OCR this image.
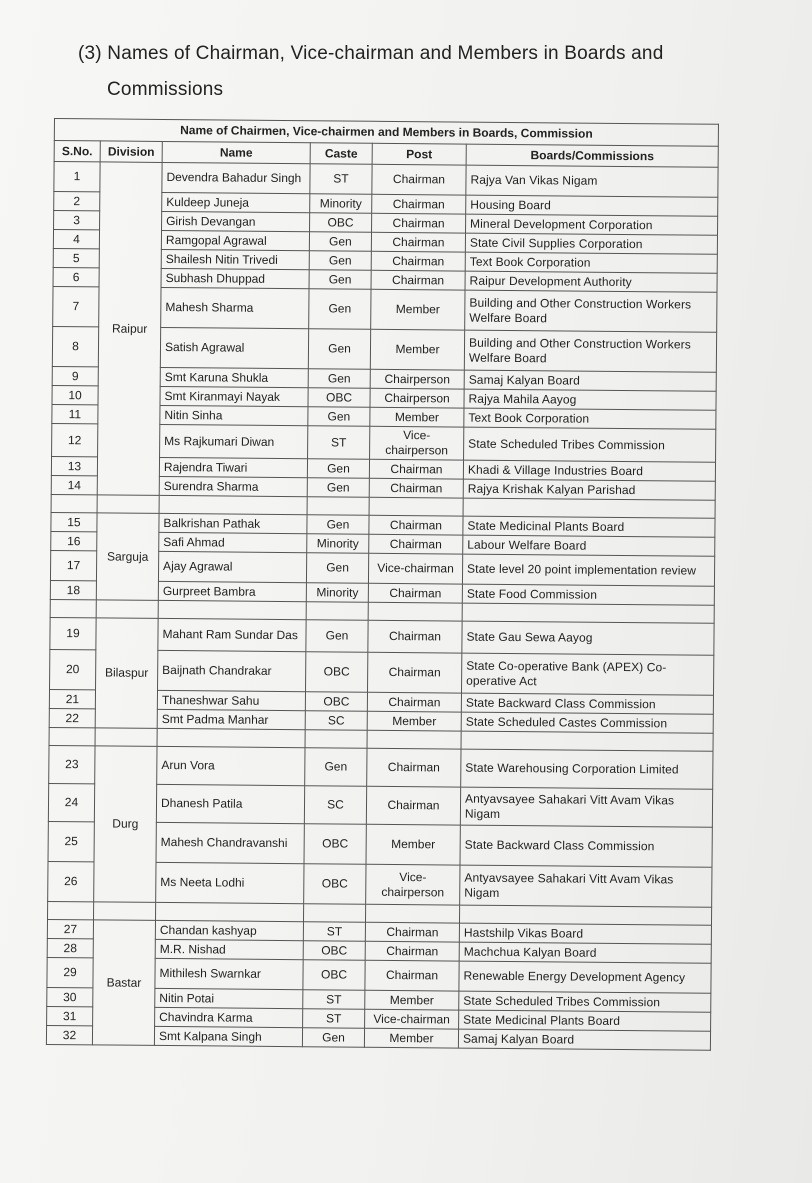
(3) Names of Chairman, Vice-chairman and Members in Boards and
Commissions
Name of Chairmen, Vice-chairmen and Members in Boards, Commission					
S.No.	Division	Name	Caste	Post	Boards/Commissions
1	Raipur	Devendra Bahadur Singh	ST	Chairman	Rajya Van Vikas Nigam
2		Kuldeep Juneja	Minority	Chairman	Housing Board
3		Girish Devangan	OBC	Chairman	Mineral Development Corporation
4		Ramgopal Agrawal	Gen	Chairman	State Civil Supplies Corporation
5		Shailesh Nitin Trivedi	Gen	Chairman	Text Book Corporation
6		Subhash Dhuppad	Gen	Chairman	Raipur Development Authority
7		Mahesh Sharma	Gen	Member	Building and Other Construction Workers Welfare Board
8		Satish Agrawal	Gen	Member	Building and Other Construction Workers Welfare Board
9		Smt Karuna Shukla	Gen	Chairperson	Samaj Kalyan Board
10		Smt Kiranmayi Nayak	OBC	Chairperson	Rajya Mahila Aayog
11		Nitin Sinha	Gen	Member	Text Book Corporation
12		Ms Rajkumari Diwan	ST	Vice-chairperson	State Scheduled Tribes Commission
13		Rajendra Tiwari	Gen	Chairman	Khadi & Village Industries Board
14		Surendra Sharma	Gen	Chairman	Rajya Krishak Kalyan Parishad

15	Sarguja	Balkrishan Pathak	Gen	Chairman	State Medicinal Plants Board
16		Safi Ahmad	Minority	Chairman	Labour Welfare Board
17		Ajay Agrawal	Gen	Vice-chairman	State level 20 point implementation review
18		Gurpreet Bambra	Minority	Chairman	State Food Commission

19	Bilaspur	Mahant Ram Sundar Das	Gen	Chairman	State Gau Sewa Aayog
20		Baijnath Chandrakar	OBC	Chairman	State Co-operative Bank (APEX) Co-operative Act
21		Thaneshwar Sahu	OBC	Chairman	State Backward Class Commission
22		Smt Padma Manhar	SC	Member	State Scheduled Castes Commission

23	Durg	Arun Vora	Gen	Chairman	State Warehousing Corporation Limited
24		Dhanesh Patila	SC	Chairman	Antyavsayee Sahakari Vitt Avam Vikas Nigam
25		Mahesh Chandravanshi	OBC	Member	State Backward Class Commission
26		Ms Neeta Lodhi	OBC	Vice-chairperson	Antyavsayee Sahakari Vitt Avam Vikas Nigam

27	Bastar	Chandan kashyap	ST	Chairman	Hastshilp Vikas Board
28		M.R. Nishad	OBC	Chairman	Machchua Kalyan Board
29		Mithilesh Swarnkar	OBC	Chairman	Renewable Energy Development Agency
30		Nitin Potai	ST	Member	State Scheduled Tribes Commission
31		Chavindra Karma	ST	Vice-chairman	State Medicinal Plants Board
32		Smt Kalpana Singh	Gen	Member	Samaj Kalyan Board
